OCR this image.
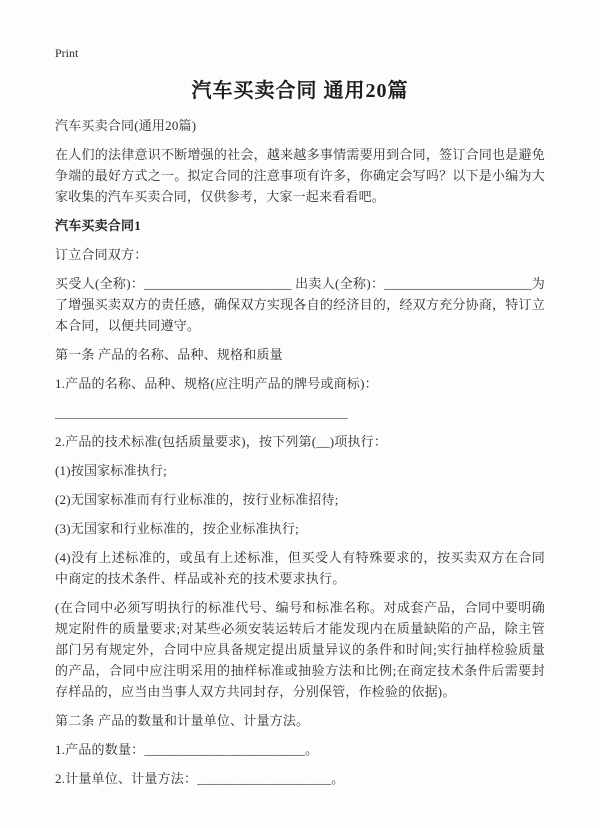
Print
汽车买卖合同 通用20篇

汽车买卖合同(通用20篇)

在人们的法律意识不断增强的社会，越来越多事情需要用到合同，签订合同也是避免争端的最好方式之一。拟定合同的注意事项有许多，你确定会写吗？以下是小编为大家收集的汽车买卖合同，仅供参考，大家一起来看看吧。

汽车买卖合同1

订立合同双方：

买受人(全称)：______________________ 出卖人(全称)：______________________为了增强买卖双方的责任感，确保双方实现各自的经济目的，经双方充分协商，特订立本合同，以便共同遵守。

第一条 产品的名称、品种、规格和质量

1.产品的名称、品种、规格(应注明产品的牌号或商标)：

_____________________________________________

2.产品的技术标准(包括质量要求)，按下列第(__)项执行：

(1)按国家标准执行;

(2)无国家标准而有行业标准的，按行业标准招待;

(3)无国家和行业标准的，按企业标准执行;

(4)没有上述标准的，或虽有上述标准，但买受人有特殊要求的，按买卖双方在合同中商定的技术条件、样品或补充的技术要求执行。

(在合同中必须写明执行的标准代号、编号和标准名称。对成套产品，合同中要明确规定附件的质量要求;对某些必须安装运转后才能发现内在质量缺陷的产品，除主管部门另有规定外，合同中应具备规定提出质量异议的条件和时间;实行抽样检验质量的产品，合同中应注明采用的抽样标准或抽验方法和比例;在商定技术条件后需要封存样品的，应当由当事人双方共同封存，分别保管，作检验的依据)。

第二条 产品的数量和计量单位、计量方法。

1.产品的数量：________________________。

2.计量单位、计量方法：____________________。
